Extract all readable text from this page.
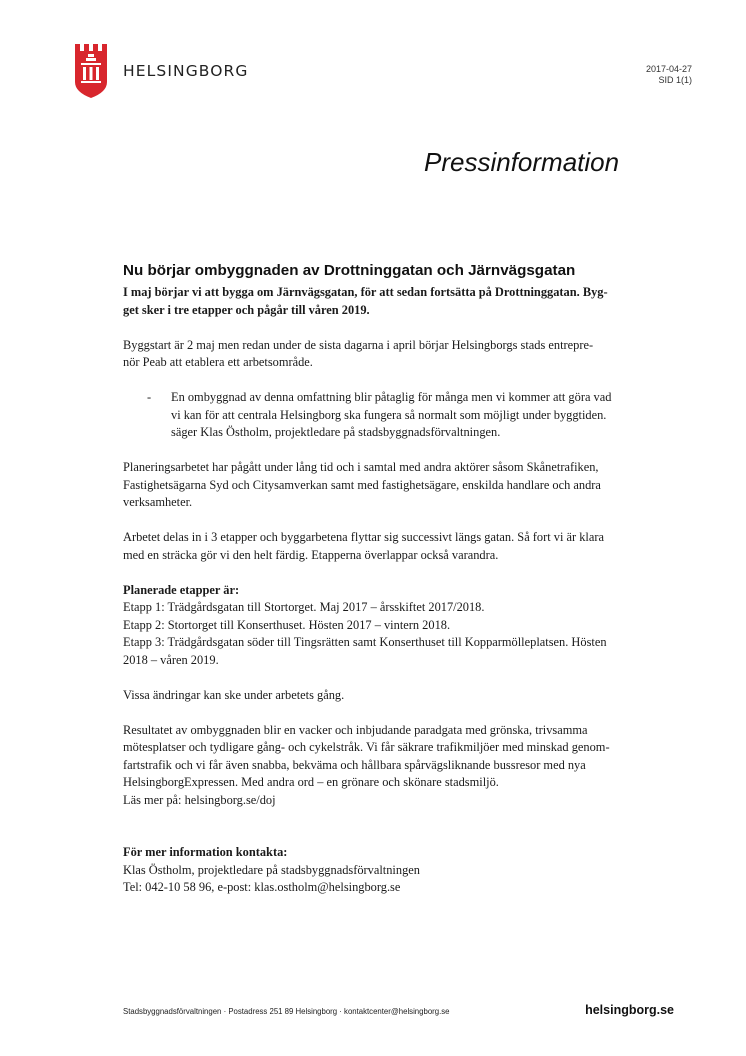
HELSINGBORG	2017-04-27
SID 1(1)
Pressinformation
Nu börjar ombyggnaden av Drottninggatan och Järnvägsgatan

I maj börjar vi att bygga om Järnvägsgatan, för att sedan fortsätta på Drottninggatan. Byg-
get sker i tre etapper och pågår till våren 2019.

Byggstart är 2 maj men redan under de sista dagarna i april börjar Helsingborgs stads entrepre-
nör Peab att etablera ett arbetsområde.

- En ombyggnad av denna omfattning blir påtaglig för många men vi kommer att göra vad
vi kan för att centrala Helsingborg ska fungera så normalt som möjligt under byggtiden.
säger Klas Östholm, projektledare på stadsbyggnadsförvaltningen.

Planeringsarbetet har pågått under lång tid och i samtal med andra aktörer såsom Skånetrafiken,
Fastighetsägarna Syd och Citysamverkan samt med fastighetsägare, enskilda handlare och andra
verksamheter.

Arbetet delas in i 3 etapper och byggarbetena flyttar sig successivt längs gatan. Så fort vi är klara
med en sträcka gör vi den helt färdig. Etapperna överlappar också varandra.

Planerade etapper är:
Etapp 1: Trädgårdsgatan till Stortorget. Maj 2017 – årsskiftet 2017/2018.
Etapp 2: Stortorget till Konserthuset. Hösten 2017 – vintern 2018.
Etapp 3: Trädgårdsgatan söder till Tingsrätten samt Konserthuset till Kopparmölleplatsen. Hösten
2018 – våren 2019.

Vissa ändringar kan ske under arbetets gång.

Resultatet av ombyggnaden blir en vacker och inbjudande paradgata med grönska, trivsamma
mötesplatser och tydligare gång- och cykelstråk. Vi får säkrare trafikmiljöer med minskad genom-
fartstrafik och vi får även snabba, bekväma och hållbara spårvägsliknande bussresor med nya
HelsingborgExpressen. Med andra ord – en grönare och skönare stadsmiljö.
Läs mer på: helsingborg.se/doj

För mer information kontakta:
Klas Östholm, projektledare på stadsbyggnadsförvaltningen
Tel: 042-10 58 96, e-post: klas.ostholm@helsingborg.se
Stadsbyggnadsförvaltningen · Postadress 251 89 Helsingborg · kontaktcenter@helsingborg.se	helsingborg.se
